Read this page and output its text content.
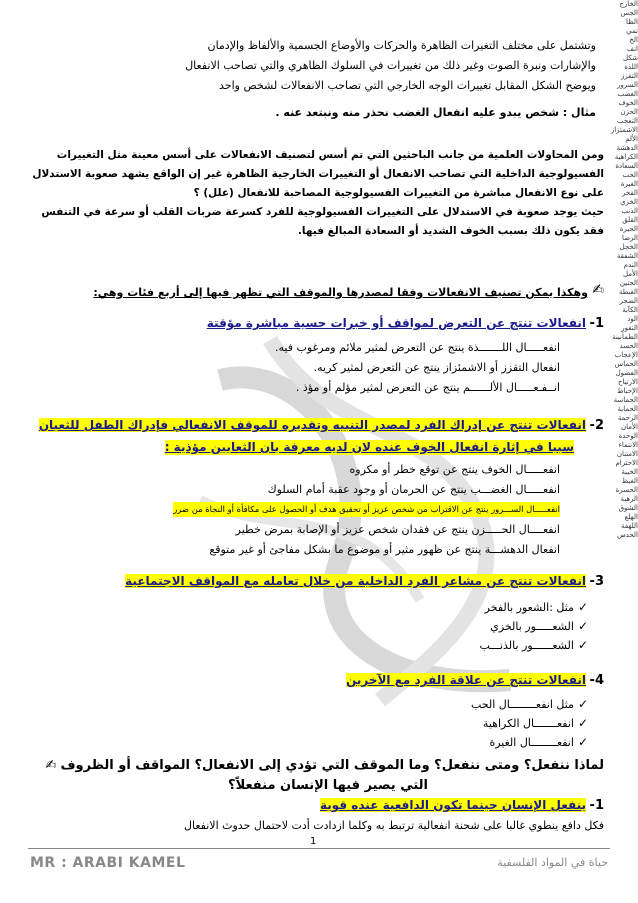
الخارج
الجس
الظا
تمي
الخ
انف
شكل
اللذة
التقزز
السرور
الغضب
الخوف
الحزن
التعجب
الاشمئزاز
الألم
الدهشة
الكراهية
السعادة
الحب
الغيرة
الفخر
الخزي
الذنب
القلق
الحيرة
الرضا
الخجل
الشفقة
الندم
الأمل
الحنين
الغبطة
الضجر
الكآبة
الود
النفور
الطمأنينة
الحسد
الإعجاب
الحماس
الفضول
الارتياح
الإحباط
الحماسة
الحماية
الرحمة
الأمان
الوحدة
الانتماء
الامتنان
الاحترام
الخيبة
الغيظ
الحسرة
الرهبة
الشوق
الهلع
اللهفة
الحدس
وتشتمل على مختلف التغيرات الظاهرة والحركات والأوضاع الجسمية والألفاظ والإدمان
والإشارات ونبرة الصوت وغير ذلك من تغييرات في السلوك الظاهري والتي تصاحب الانفعال
ويوضح الشكل المقابل تغييرات الوجه الخارجي التي تصاحب الانفعالات لشخص واحد
مثال : شخص يبدو عليه انفعال الغضب نحذر منه ونبتعد عنه .
ومن المحاولات العلمية من جانب الباحثين التي تم أسس لتصنيف الانفعالات على أسس معينة مثل التغييرات
الفسيولوجية الداخلية التي تصاحب الانفعال أو التغييرات الخارجية الظاهرة غير إن الواقع يشهد صعوبة الاستدلال
على نوع الانفعال مباشرة من التغييرات الفسيولوجية المصاحبة للانفعال (علل) ؟
حيث يوجد صعوبة في الاستدلال على التغييرات الفسيولوجية للفرد كسرعة ضربات القلب أو سرعة في التنفس
فقد يكون ذلك بسبب الخوف الشديد أو السعادة المبالغ فيها.
وهكذا يمكن تصنيف الانفعالات وفقا لمصدرها والموقف التي تظهر فيها إلى أربع فئات وهي: ✍
1- انفعالات تنتج عن التعرض لمواقف أو خبرات حسية مباشرة مؤقتة
انفعـــــال اللـــــــذة ينتج عن التعرض لمثير ملائم ومرغوب فيه.
انفعال التقزز أو الاشمئزاز ينتج عن التعرض لمثير كريه.
انــفـعـــــال الألــــــم ينتج عن التعرض لمثير مؤلم أو مؤذ .
2- انفعالات تنتج عن إدراك الفرد لمصدر التنبيه وتقديره للموقف الانفعالي فإدراك الطفل للثعبان
سببا في إثارة انفعال الخوف عنده لان لديه معرفة بان الثعابين مؤذية :
انفعـــــال الخوف ينتج عن توقع خطر أو مكروه
انفعـــــال الغضـــب ينتج عن الحرمان أو وجود عقبة أمام السلوك
انفعـــــال الســـرور ينتج عن الاقتراب من شخص عزيز أو تحقيق هدف أو الحصول على مكافأة أو النجاة من ضرر
انفعــــال الحـــــزن ينتج عن فقدان شخص عزيز أو الإصابة بمرض خطير
انفعال الدهشـــة ينتج عن ظهور مثير أو موضوع ما بشكل مفاجئ أو غير متوقع
3- انفعالات تنتج عن مشاعر الفرد الداخلية من خلال تعامله مع المواقف الاجتماعية
✓مثل :الشعور بالفخر
✓الشعـــــور بالخزي
✓الشعــــــور بالذنـــب
4- انفعالات تنتج عن علاقة الفرد مع الآخرين
✓مثل انفعــــــــال الحب
✓انفعـــــــال الكراهية
✓انفعــــــــال الغيرة
لماذا ننفعل؟ ومتى ننفعل؟ وما الموقف التي تؤدي إلى الانفعال؟ المواقف أو الظروف✍
التي يصير فيها الإنسان منفعلاً؟
1- ينفعل الإنسان حينما تكون الدافعية عنده قوية
فكل دافع ينطوي غالبا على شحنة انفعالية ترتبط به وكلما ازدادت أدت لاحتمال حدوث الانفعال
1
MR : ARABI KAMEL	حياة في المواد الفلسفية
